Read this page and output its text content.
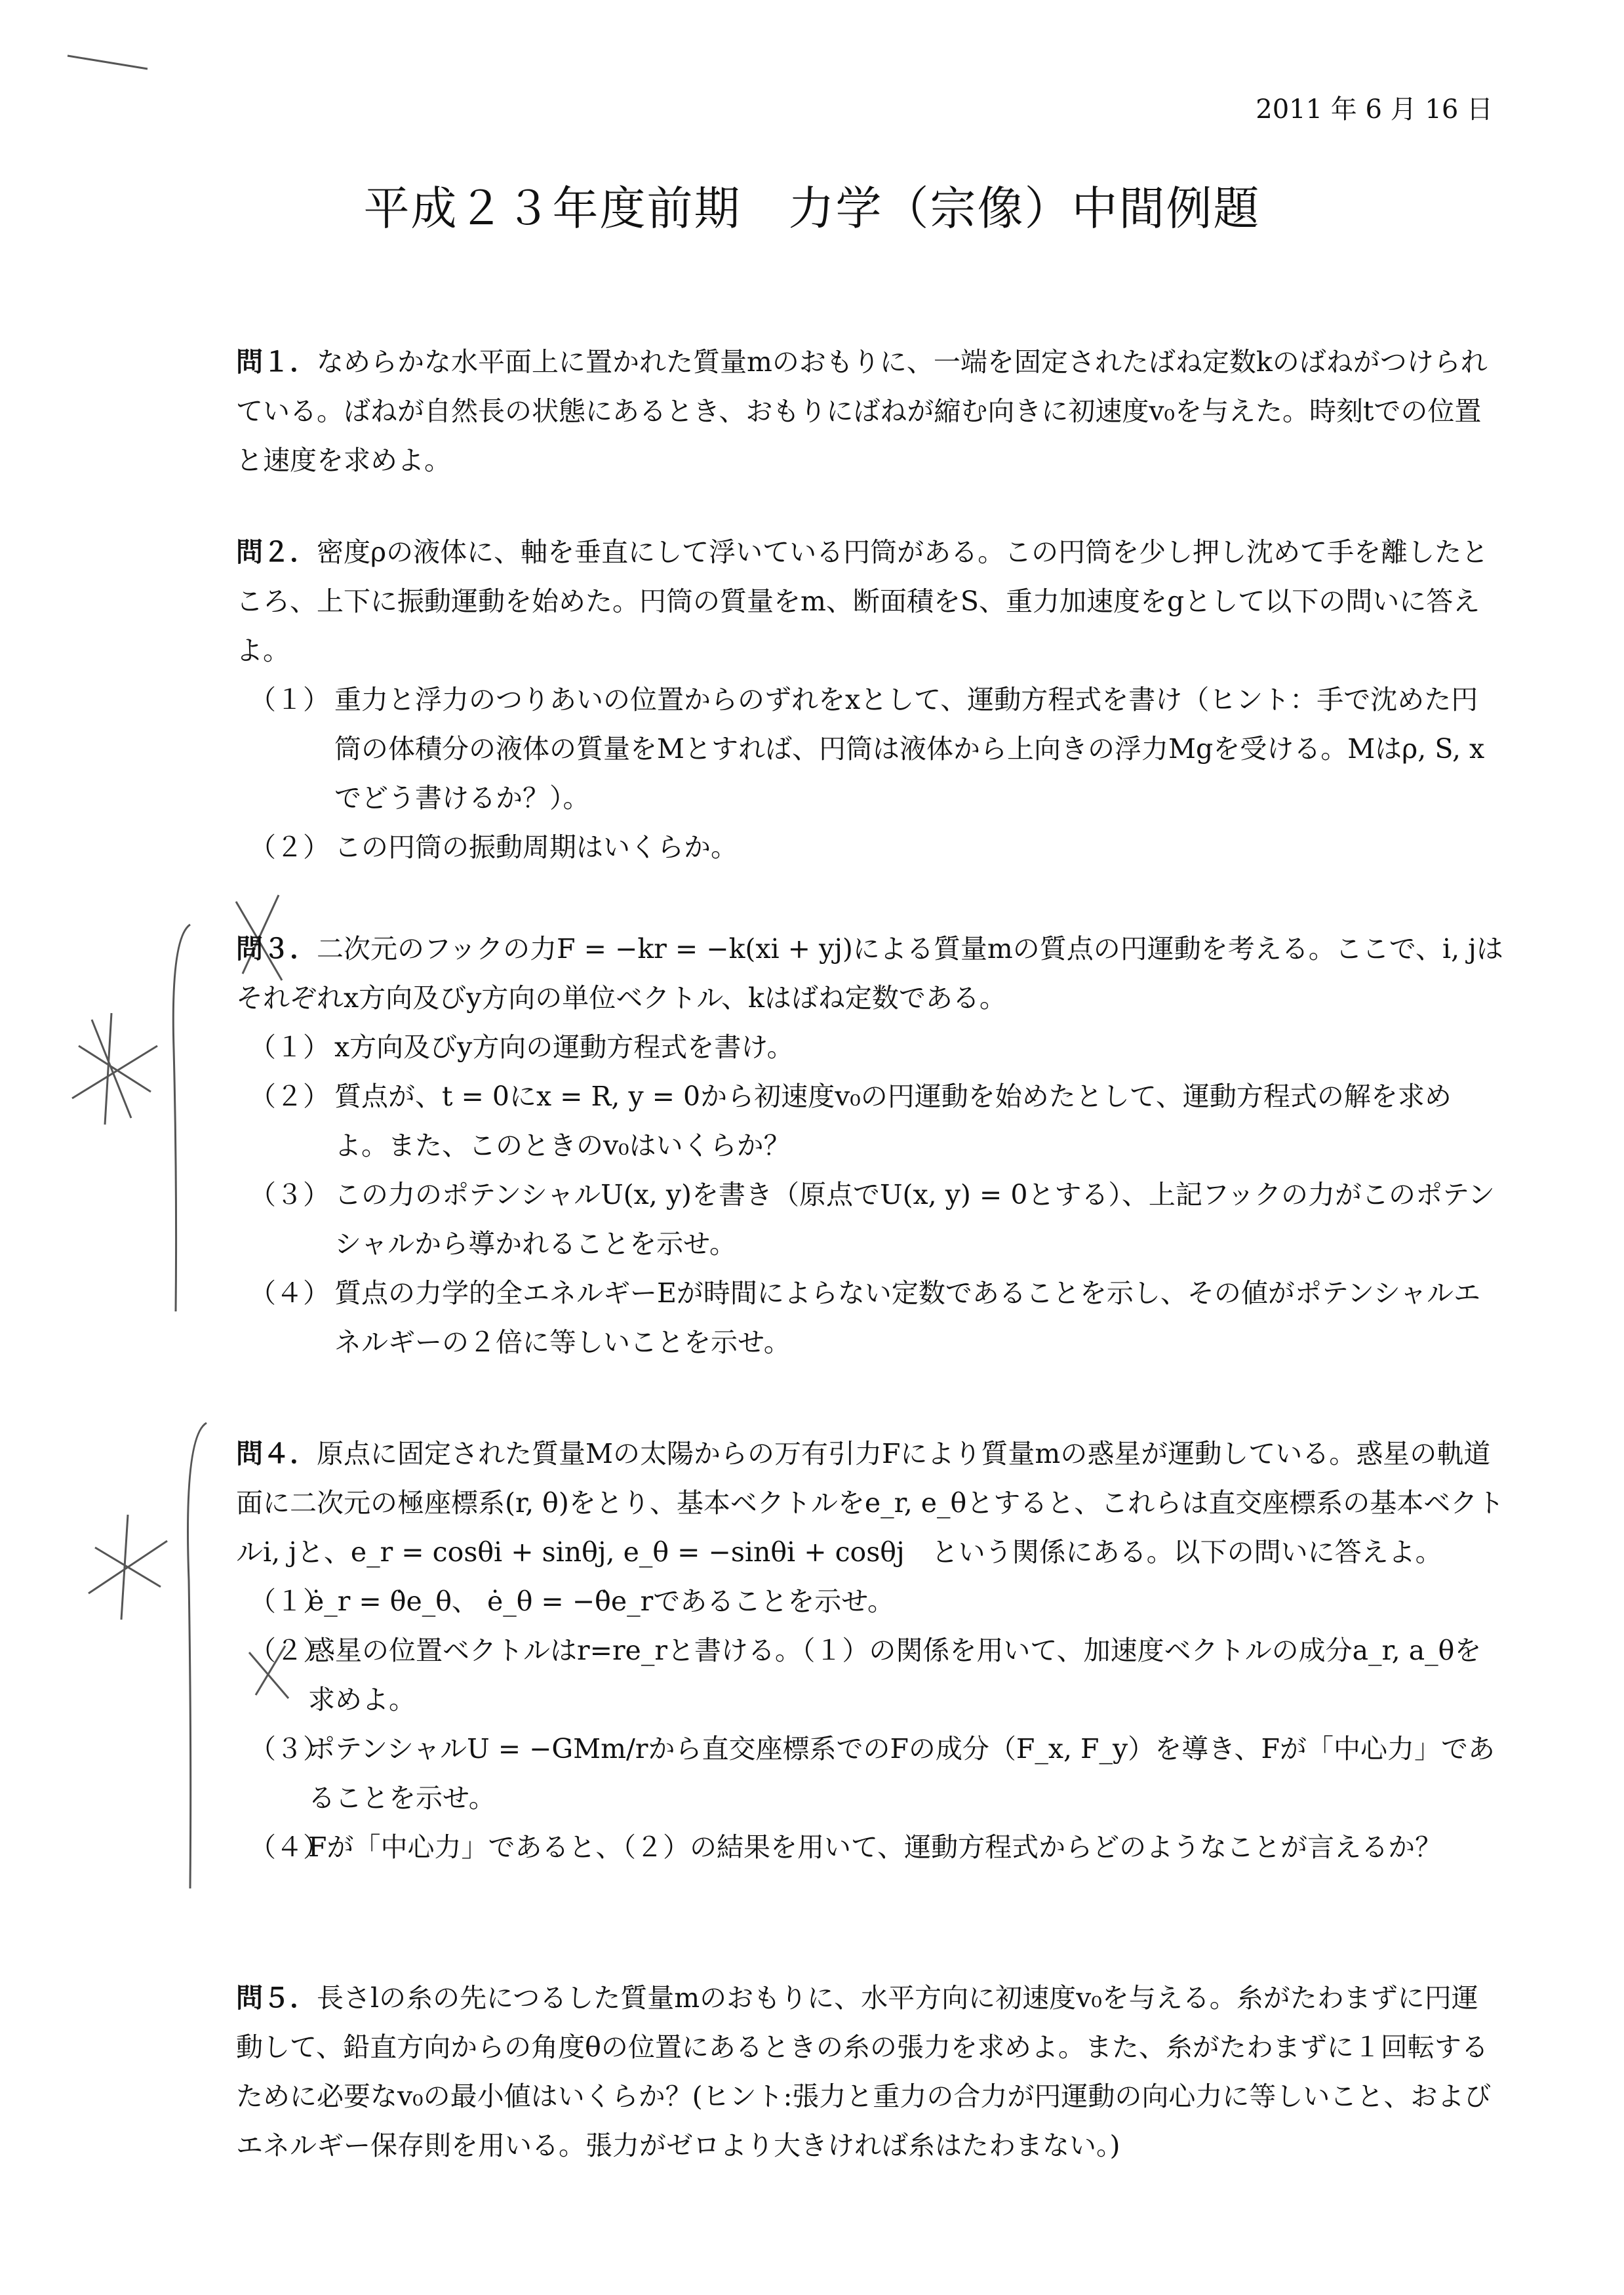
2011 年 6 月 16 日
平成２３年度前期　力学（宗像）中間例題

問１．なめらかな水平面上に置かれた質量mのおもりに、一端を固定されたばね定数kのばねがつけられている。ばねが自然長の状態にあるとき、おもりにばねが縮む向きに初速度v₀を与えた。時刻tでの位置と速度を求めよ。

問２．密度ρの液体に、軸を垂直にして浮いている円筒がある。この円筒を少し押し沈めて手を離したところ、上下に振動運動を始めた。円筒の質量をm、断面積をS、重力加速度をgとして以下の問いに答えよ。

（１） 重力と浮力のつりあいの位置からのずれをxとして、運動方程式を書け（ヒント：手で沈めた円筒の体積分の液体の質量をMとすれば、円筒は液体から上向きの浮力Mgを受ける。Mはρ, S, xでどう書けるか？）。

（２） この円筒の振動周期はいくらか。

問３．二次元のフックの力F = −kr = −k(xi + yj)による質量mの質点の円運動を考える。ここで、i, jはそれぞれx方向及びy方向の単位ベクトル、kはばね定数である。

（１） x方向及びy方向の運動方程式を書け。

（２） 質点が、t = 0にx = R, y = 0から初速度v₀の円運動を始めたとして、運動方程式の解を求めよ。また、このときのv₀はいくらか？

（３） この力のポテンシャルU(x, y)を書き（原点でU(x, y) = 0とする）、上記フックの力がこのポテンシャルから導かれることを示せ。

（４） 質点の力学的全エネルギーEが時間によらない定数であることを示し、その値がポテンシャルエネルギーの２倍に等しいことを示せ。

問４．原点に固定された質量Mの太陽からの万有引力Fにより質量mの惑星が運動している。惑星の軌道面に二次元の極座標系(r, θ)をとり、基本ベクトルをe_r, e_θとすると、これらは直交座標系の基本ベクトルi, jと、e_r = cosθi + sinθj, e_θ = −sinθi + cosθj　という関係にある。以下の問いに答えよ。

（１）
ė_r = θ̇e_θ、 ė_θ = −θ̇e_rであることを示せ。

（２）
惑星の位置ベクトルはr=re_rと書ける。（１）の関係を用いて、加速度ベクトルの成分a_r, a_θを求めよ。

（３）
ポテンシャルU = −GMm/rから直交座標系でのFの成分（F_x, F_y）を導き、Fが「中心力」であることを示せ。

（４）
Fが「中心力」であると、（２）の結果を用いて、運動方程式からどのようなことが言えるか？

問５．長さlの糸の先につるした質量mのおもりに、水平方向に初速度v₀を与える。糸がたわまずに円運動して、鉛直方向からの角度θの位置にあるときの糸の張力を求めよ。また、糸がたわまずに１回転するために必要なv₀の最小値はいくらか？(ヒント:張力と重力の合力が円運動の向心力に等しいこと、およびエネルギー保存則を用いる。張力がゼロより大きければ糸はたわまない。)
